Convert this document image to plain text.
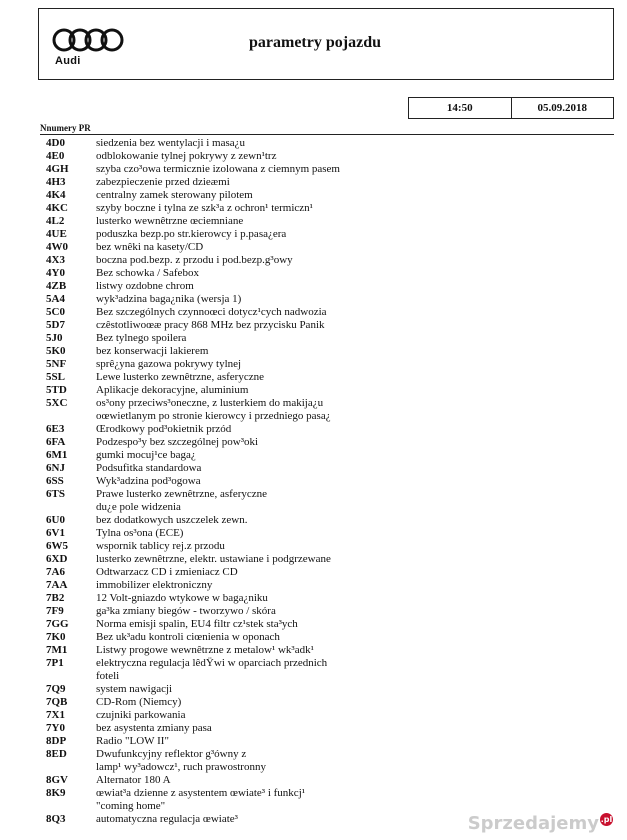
Audi
parametry pojazdu
14:50	05.09.2018
Nnumery PR
4D0	siedzenia bez wentylacji i masa¿u
4E0	odblokowanie tylnej pokrywy z zewn¹trz
4GH szyba czo³owa termicznie izolowana z ciemnym pasem
4H3	zabezpieczenie przed dzieæmi
4K4	centralny zamek sterowany pilotem
4KC	szyby boczne i tylna ze szk³a z ochron¹ termiczn¹
4L2	lusterko wewnêtrzne œciemniane
4UE	poduszka bezp.po str.kierowcy i p.pasa¿era
4W0	bez wnêki na kasety/CD
4X3	boczna pod.bezp. z przodu i pod.bezp.g³owy
4Y0	Bez schowka / Safebox
4ZB	listwy ozdobne chrom
5A4	wyk³adzina baga¿nika (wersja 1)
5C0	Bez szczególnych czynnoœci dotycz¹cych nadwozia
5D7	czêstotliwoœæ pracy 868 MHz bez przycisku Panik
5J0	Bez tylnego spoilera
5K0	bez konserwacji lakierem
5NF	sprê¿yna gazowa pokrywy tylnej
5SL	Lewe lusterko zewnêtrzne, asferyczne
5TD	Aplikacje dekoracyjne, aluminium
5XC	os³ony przeciws³oneczne, z lusterkiem do makija¿u
oœwietlanym po stronie kierowcy i przedniego pasa¿
6E3	Œrodkowy pod³okietnik przód
6FA	Podzespo³y bez szczególnej pow³oki
6M1	gumki mocuj¹ce baga¿
6NJ	Podsufitka standardowa
6SS	Wyk³adzina pod³ogowa
6TS	Prawe lusterko zewnêtrzne, asferyczne
du¿e pole widzenia
6U0	bez dodatkowych uszczelek zewn.
6V1	Tylna os³ona (ECE)
6W5	wspornik tablicy rej.z przodu
6XD	lusterko zewnêtrzne, elektr. ustawiane i podgrzewane
7A6	Odtwarzacz CD i zmieniacz CD
7AA	immobilizer elektroniczny
7B2	12 Volt-gniazdo wtykowe w baga¿niku
7F9	ga³ka zmiany biegów - tworzywo / skóra
7GG Norma emisji spalin, EU4 filtr cz¹stek sta³ych
7K0	Bez uk³adu kontroli ciœnienia w oponach
7M1	Listwy progowe wewnêtrzne z metalow¹ wk³adk¹
7P1	elektryczna regulacja lêdŸwi w oparciach przednich
foteli
7Q9	system nawigacji
7QB	CD-Rom (Niemcy)
7X1	czujniki parkowania
7Y0	bez asystenta zmiany pasa
8DP	Radio "LOW II"
8ED	Dwufunkcyjny reflektor g³ówny z
lamp¹ wy³adowcz¹, ruch prawostronny
8GV	Alternator 180 A
8K9	œwiat³a dzienne z asystentem œwiate³ i funkcj¹
"coming home"
8Q3	automatyczna regulacja œwiate³	Sprzedajemy .pl
